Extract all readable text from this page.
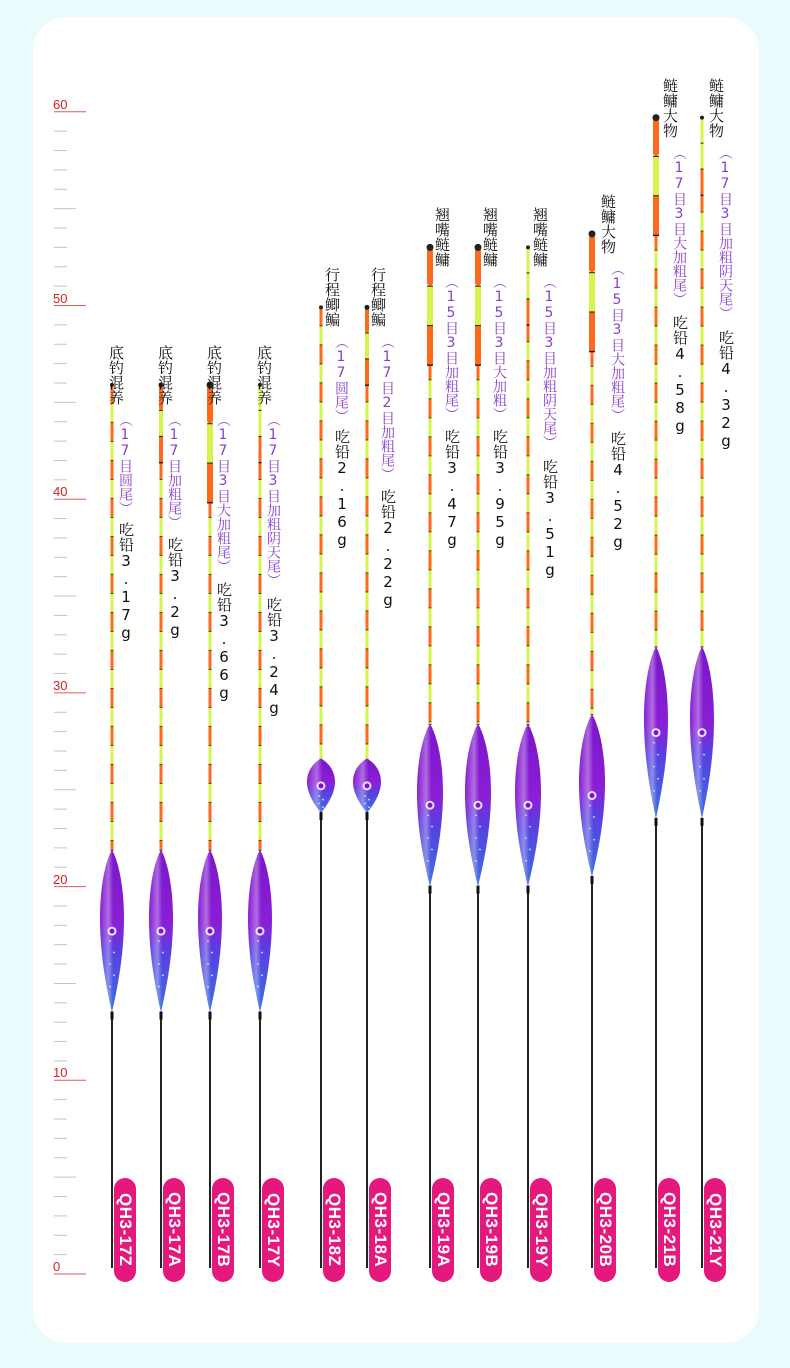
0
10
20
30
40
50
60
底钓混养
（17目圆尾）
吃铅3.17g
QH3-17Z
底钓混养
（17目加粗尾）
吃铅3.2g
QH3-17A
底钓混养
（17目3目大加粗尾）
吃铅3.66g
QH3-17B
底钓混养
（17目3目加粗阴天尾）
吃铅3.24g
QH3-17Y
行程鲫鳊
（17圆尾）
吃铅2.16g
QH3-18Z
行程鲫鳊
（17目2目加粗尾）
吃铅2.22g
QH3-18A
翘嘴鲢鳙
（15目3目加粗尾）
吃铅3.47g
QH3-19A
翘嘴鲢鳙
（15目3目大加粗）
吃铅3.95g
QH3-19B
翘嘴鲢鳙
（15目3目加粗阴天尾）
吃铅3.51g
QH3-19Y
鲢鳙大物
（15目3目大加粗尾）
吃铅4.52g
QH3-20B
鲢鳙大物
（17目3目大加粗尾）
吃铅4.58g
QH3-21B
鲢鳙大物
（17目3目加粗阴天尾）
吃铅4.32g
QH3-21Y
